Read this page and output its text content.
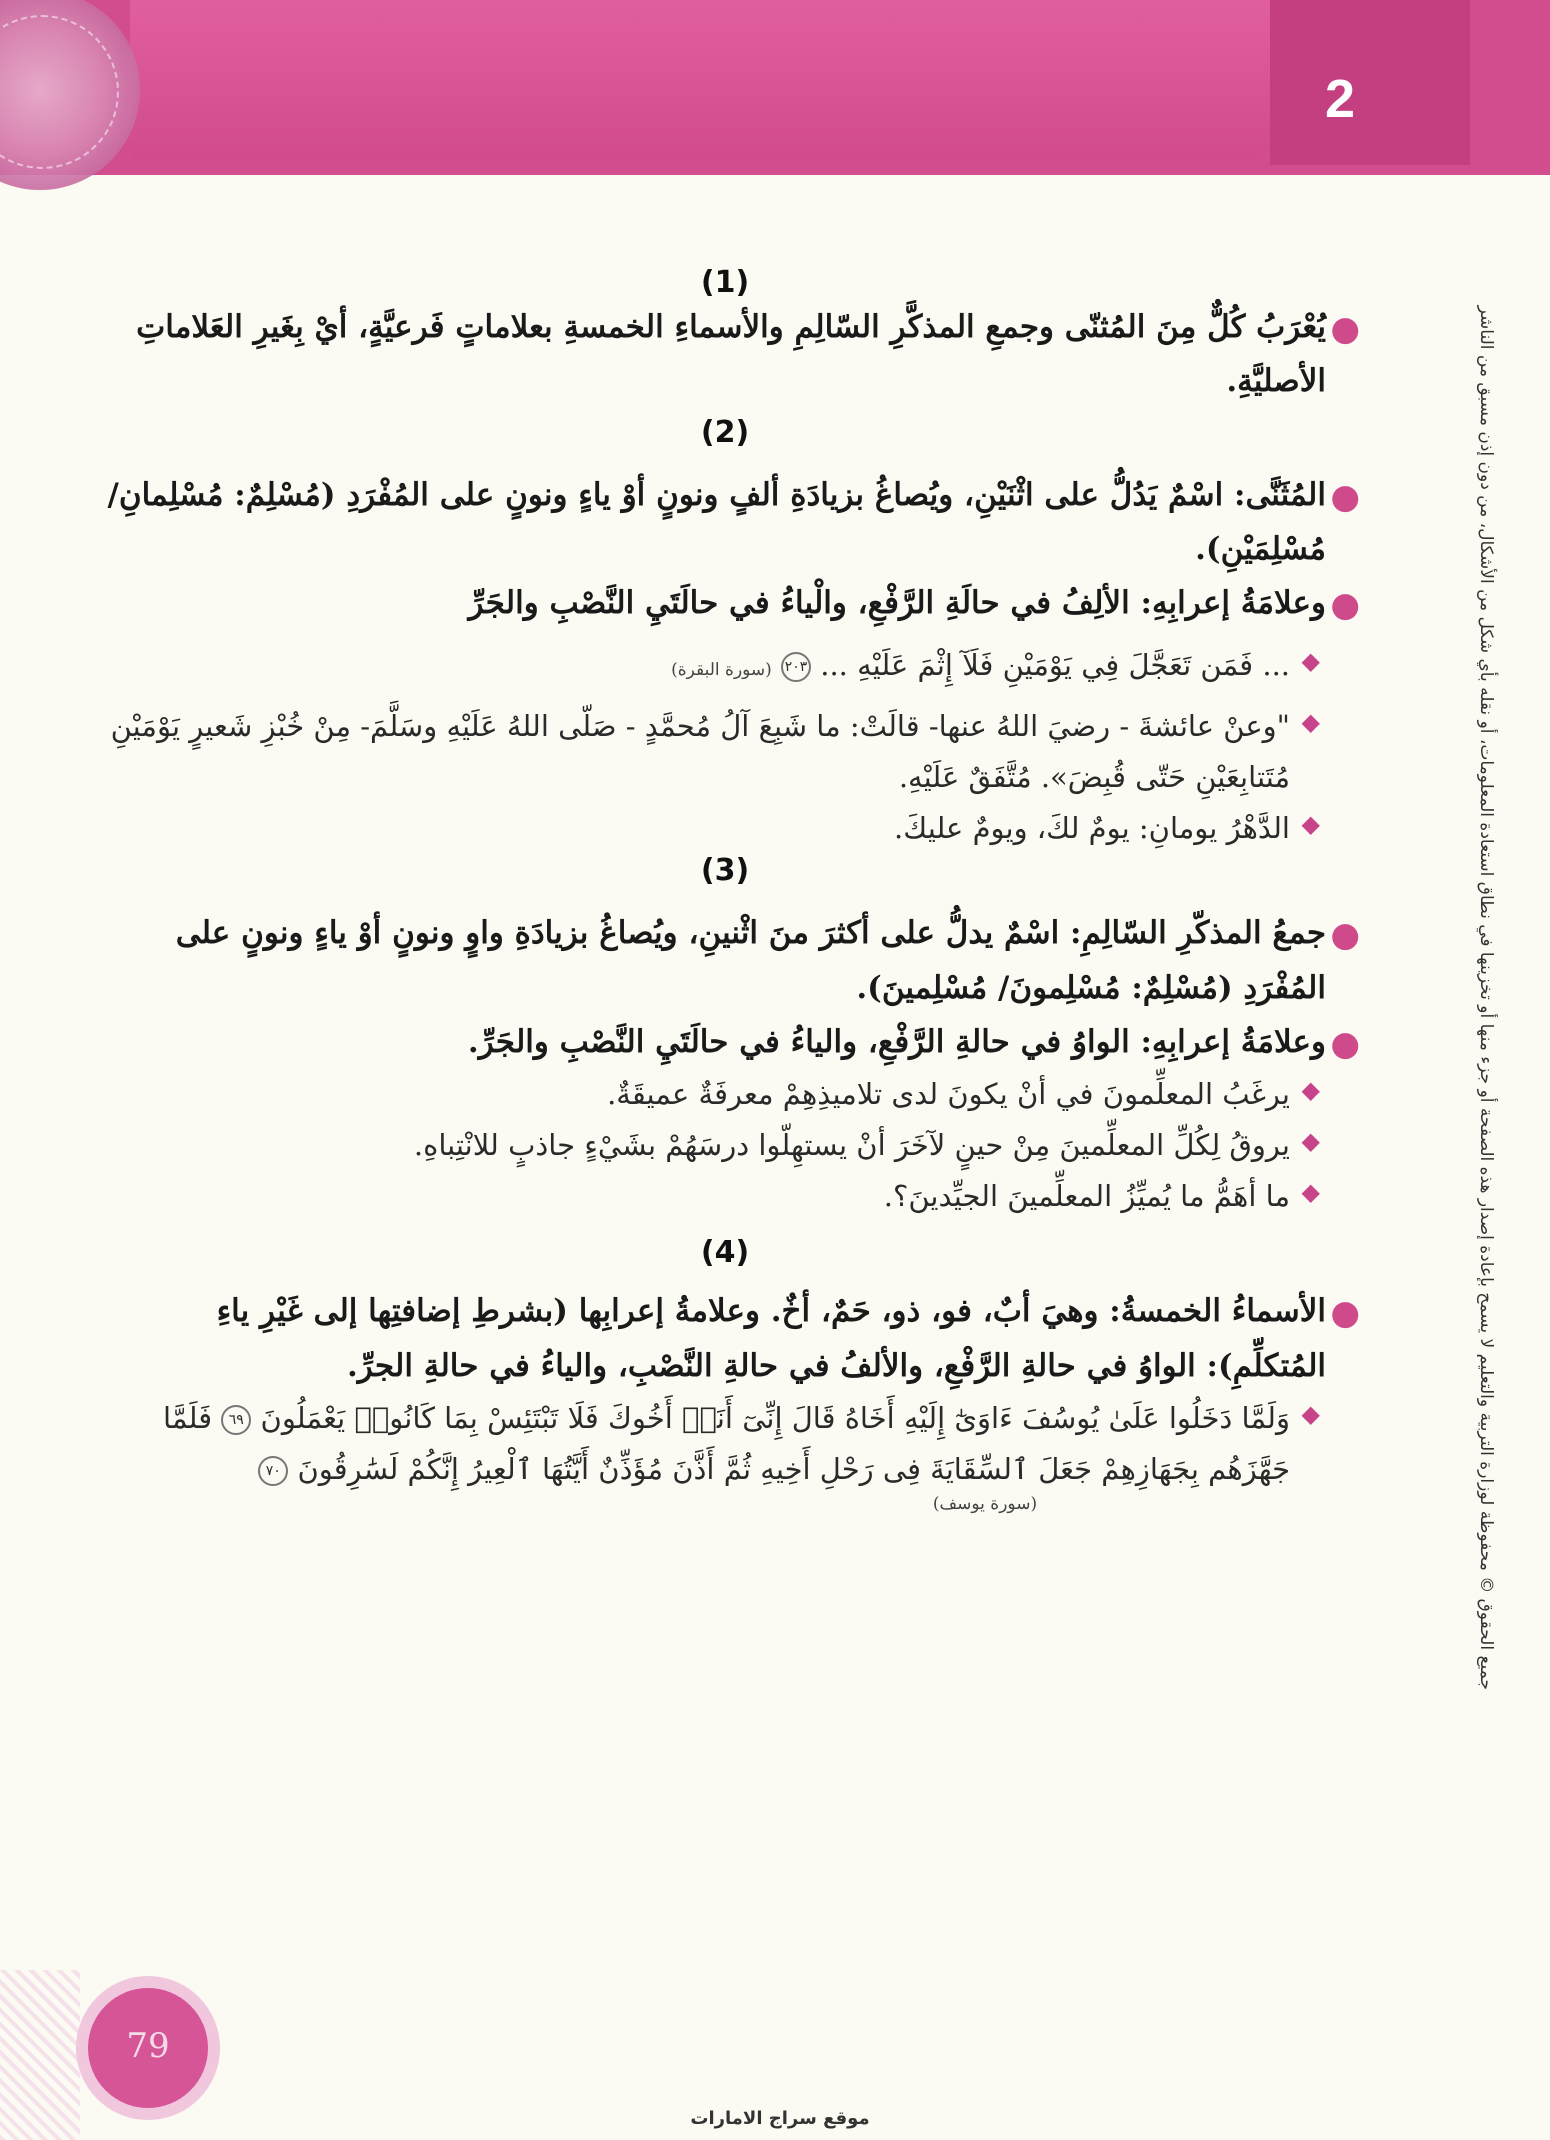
2
جميع الحقوق © محفوظة لوزارة التربية والتعليم لا يسمح بإعادة إصدار هذه الصفحة أو جزء منها أو تخزينها في نطاق استعادة المعلومات، أو نقله بأي شكل من الأشكال، من دون إذن مسبق من الناشر
(1)
●
يُعْرَبُ كُلٌّ مِنَ المُثنّى وجمعِ المذكَّرِ السّالِمِ والأسماءِ الخمسةِ بعلاماتٍ فَرعيَّةٍ، أيْ بِغَيرِ العَلاماتِ الأصليَّةِ.
(2)
●
المُثَنَّى: اسْمٌ يَدُلُّ على اثْنَيْنِ، ويُصاغُ بزيادَةِ ألفٍ ونونٍ أوْ ياءٍ ونونٍ على المُفْرَدِ (مُسْلِمٌ: مُسْلِمانِ/ مُسْلِمَيْنِ).
●
وعلامَةُ إعرابِهِ: الألِفُ في حالَةِ الرَّفْعِ، والْياءُ في حالَتَيِ النَّصْبِ والجَرِّ
◆
... فَمَن تَعَجَّلَ فِي يَوْمَيْنِ فَلَآ إِثْمَ عَلَيْهِ ... ٢٠٣ (سورة البقرة)
◆
"وعنْ عائشةَ - رضيَ اللهُ عنها- قالَتْ: ما شَبِعَ آلُ مُحمَّدٍ - صَلّى اللهُ عَلَيْهِ وسَلَّمَ- مِنْ خُبْزِ شَعيرٍ يَوْمَيْنِ مُتَتابِعَيْنِ حَتّى قُبِضَ». مُتَّفَقٌ عَلَيْهِ.
◆
الدَّهْرُ يومانِ: يومٌ لكَ، ويومٌ عليكَ.
(3)
●
جمعُ المذكّرِ السّالِمِ: اسْمٌ يدلُّ على أكثرَ منَ اثْنينِ، ويُصاغُ بزيادَةِ واوٍ ونونٍ أوْ ياءٍ ونونٍ على المُفْرَدِ (مُسْلِمٌ: مُسْلِمونَ/ مُسْلِمينَ).
●
وعلامَةُ إعرابِهِ: الواوُ في حالةِ الرَّفْعِ، والياءُ في حالَتَيِ النَّصْبِ والجَرِّ.
◆
يرغَبُ المعلِّمونَ في أنْ يكونَ لدى تلاميذِهِمْ معرفَةٌ عميقَةٌ.
◆
يروقُ لِكُلِّ المعلِّمينَ مِنْ حينٍ لآخَرَ أنْ يستهِلّوا درسَهُمْ بشَيْءٍ جاذبٍ للانْتِباهِ.
◆
ما أهَمُّ ما يُميِّزُ المعلِّمينَ الجيِّدينَ؟.
(4)
●
الأسماءُ الخمسةُ: وهيَ أبٌ، فو، ذو، حَمٌ، أخٌ. وعلامةُ إعرابِها (بشرطِ إضافتِها إلى غَيْرِ ياءِ المُتكلِّمِ): الواوُ في حالةِ الرَّفْعِ، والألفُ في حالةِ النَّصْبِ، والياءُ في حالةِ الجرِّ.
◆
وَلَمَّا دَخَلُوا عَلَىٰ يُوسُفَ ءَاوَىٰٓ إِلَيْهِ أَخَاهُ قَالَ إِنِّىٓ أَنَا۠ أَخُوكَ فَلَا تَبْتَئِسْ بِمَا كَانُوا۟ يَعْمَلُونَ ٦٩ فَلَمَّا جَهَّزَهُم بِجَهَازِهِمْ جَعَلَ ٱلسِّقَايَةَ فِى رَحْلِ أَخِيهِ ثُمَّ أَذَّنَ مُؤَذِّنٌ أَيَّتُهَا ٱلْعِيرُ إِنَّكُمْ لَسَٰرِقُونَ ٧٠
(سورة يوسف)
79
موقع سراج الامارات
